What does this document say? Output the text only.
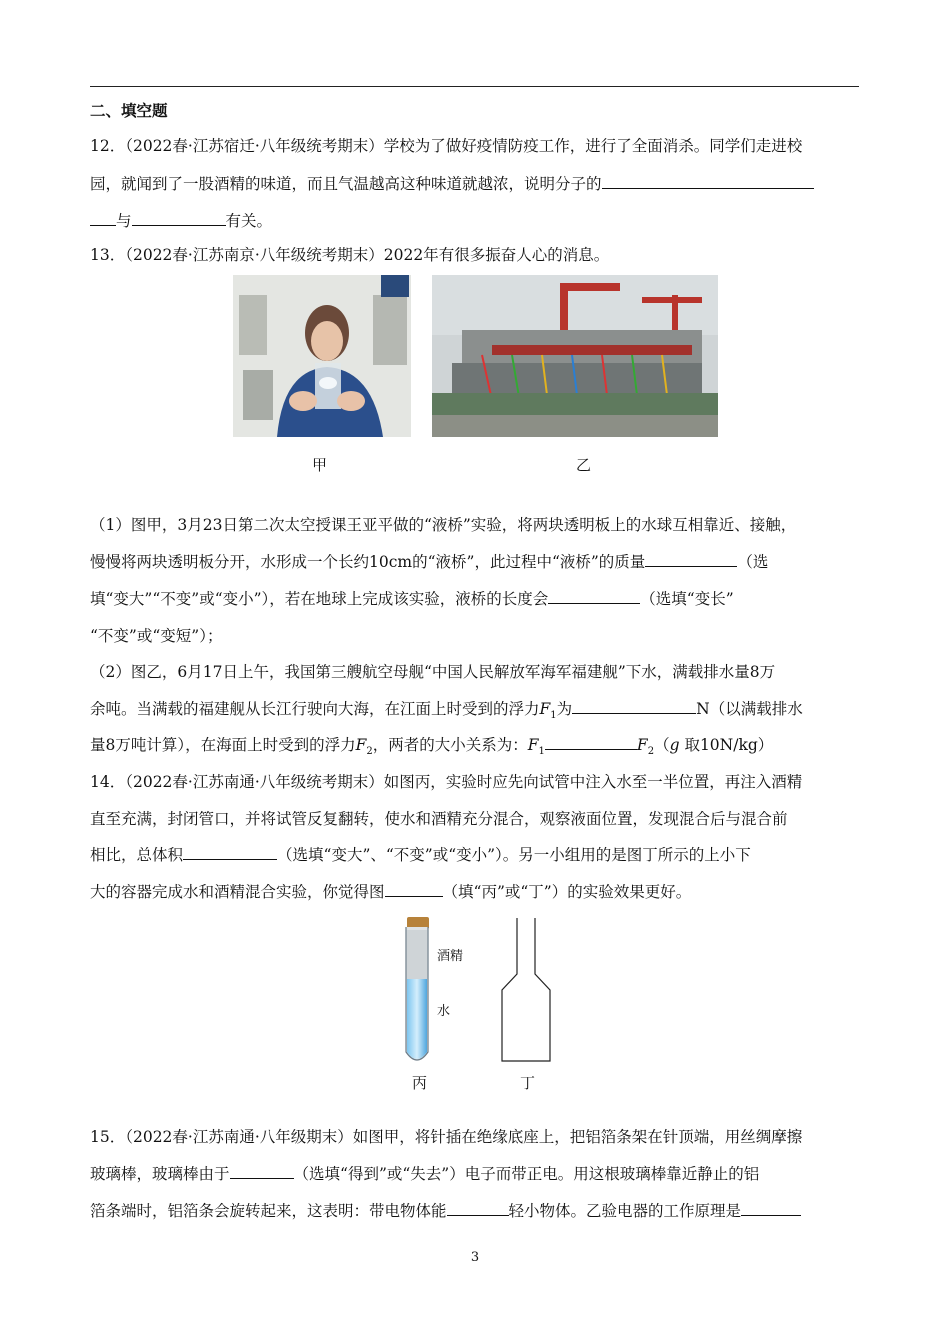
二、填空题
12．（2022春·江苏宿迁·八年级统考期末）学校为了做好疫情防疫工作，进行了全面消杀。同学们走进校
园，就闻到了一股酒精的味道，而且气温越高这种味道就越浓，说明分子的
与	有关。
13．（2022春·江苏南京·八年级统考期末）2022年有很多振奋人心的消息。
甲	乙
（1）图甲，3月23日第二次太空授课王亚平做的“液桥”实验，将两块透明板上的水球互相靠近、接触，
慢慢将两块透明板分开，水形成一个长约10cm的“液桥”，此过程中“液桥”的质量	（选
填“变大”“不变”或“变小”），若在地球上完成该实验，液桥的长度会	（选填“变长”
“不变”或“变短”）；
（2）图乙，6月17日上午，我国第三艘航空母舰“中国人民解放军海军福建舰”下水，满载排水量8万
余吨。当满载的福建舰从长江行驶向大海，在江面上时受到的浮力$F_1$为	N（以满载排水
量8万吨计算），在海面上时受到的浮力$F_2$，两者的大小关系为：$F_1$	$F_2(g$ 取10N/kg）
14．（2022春·江苏南通·八年级统考期末）如图丙，实验时应先向试管中注入水至一半位置，再注入酒精
直至充满，封闭管口，并将试管反复翻转，使水和酒精充分混合，观察液面位置，发现混合后与混合前
相比，总体积	（选填“变大”、“不变”或“变小”）。另一小组用的是图丁所示的上小下
大的容器完成水和酒精混合实验，你觉得图	（填“丙”或“丁”）的实验效果更好。
酒精
水
丙	丁
15．（2022春·江苏南通·八年级期末）如图甲，将针插在绝缘底座上，把铝箔条架在针顶端，用丝绸摩擦
玻璃棒，玻璃棒由于	（选填“得到”或“失去”）电子而带正电。用这根玻璃棒靠近静止的铝
箔条端时，铝箔条会旋转起来，这表明：带电物体能	轻小物体。乙验电器的工作原理是
3
